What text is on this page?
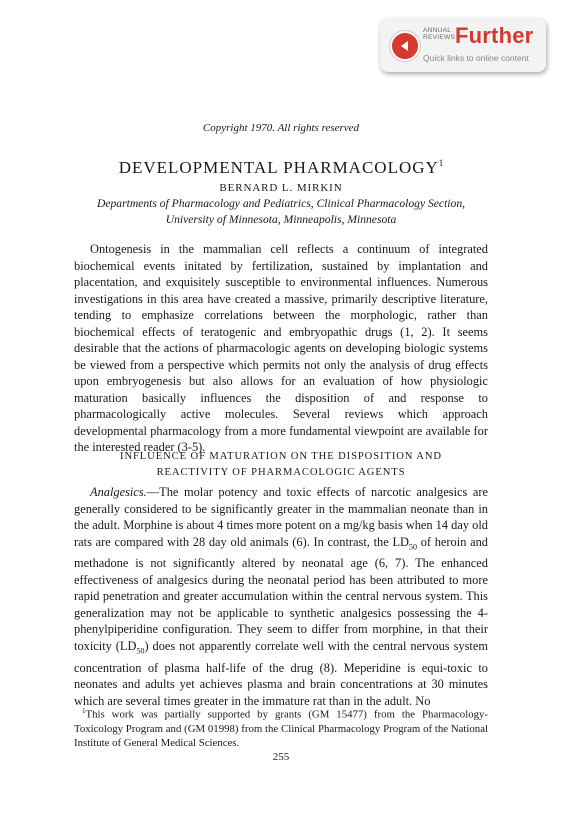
ANNUAL
REVIEWS Further
Quick links to online content
Copyright 1970. All rights reserved
DEVELOPMENTAL PHARMACOLOGY$^1$
BERNARD L. MIRKIN
Departments of Pharmacology and Pediatrics, Clinical Pharmacology Section,
University of Minnesota, Minneapolis, Minnesota

Ontogenesis in the mammalian cell reflects a continuum of integrated biochemical events initated by fertilization, sustained by implantation and placentation, and exquisitely susceptible to environmental influences. Numerous investigations in this area have created a massive, primarily descriptive literature, tending to emphasize correlations between the morphologic, rather than biochemical effects of teratogenic and embryopathic drugs (1, 2). It seems desirable that the actions of pharmacologic agents on developing biologic systems be viewed from a perspective which permits not only the analysis of drug effects upon embryogenesis but also allows for an evaluation of how physiologic maturation basically influences the disposition of and response to pharmacologically active molecules. Several reviews which approach developmental pharmacology from a more fundamental viewpoint are available for the interested reader (3-5).

INFLUENCE OF MATURATION ON THE DISPOSITION AND
REACTIVITY OF PHARMACOLOGIC AGENTS

Analgesics.—The molar potency and toxic effects of narcotic analgesics are generally considered to be significantly greater in the mammalian neonate than in the adult. Morphine is about 4 times more potent on a mg/kg basis when 14 day old rats are compared with 28 day old animals (6). In contrast, the $LD_{50}$ of heroin and methadone is not significantly altered by neonatal age (6, 7). The enhanced effectiveness of analgesics during the neonatal period has been attributed to more rapid penetration and greater accumulation within the central nervous system. This generalization may not be applicable to synthetic analgesics possessing the 4-phenylpiperidine configuration. They seem to differ from morphine, in that their toxicity $(LD_{50})$ does not apparently correlate well with the central nervous system concentration of plasma half-life of the drug (8). Meperidine is equi-toxic to neonates and adults yet achieves plasma and brain concentrations at 30 minutes which are several times greater in the immature rat than in the adult. No

$^1$This work was partially supported by grants (GM 15477) from the Pharmacology-Toxicology Program and (GM 01998) from the Clinical Pharmacology Program of the National Institute of General Medical Sciences.

255
